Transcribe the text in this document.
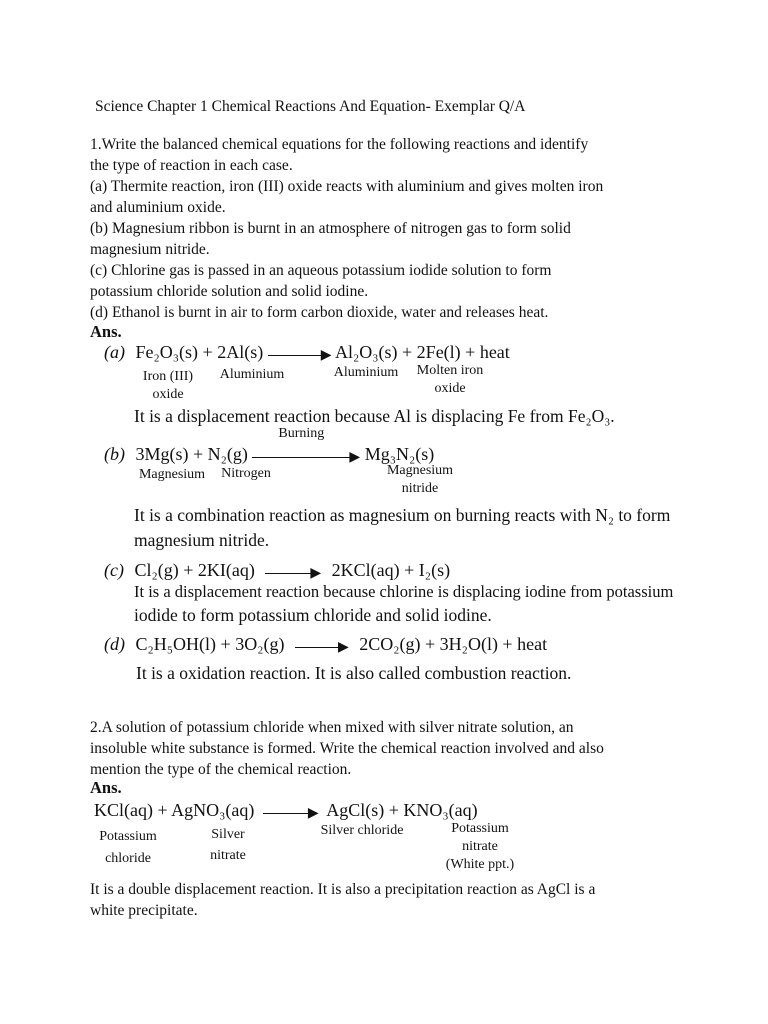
Science Chapter 1 Chemical Reactions And Equation- Exemplar Q/A
1.Write the balanced chemical equations for the following reactions and identify
the type of reaction in each case.
(a) Thermite reaction, iron (III) oxide reacts with aluminium and gives molten iron
and aluminium oxide.
(b) Magnesium ribbon is burnt in an atmosphere of nitrogen gas to form solid
magnesium nitride.
(c) Chlorine gas is passed in an aqueous potassium iodide solution to form
potassium chloride solution and solid iodine.
(d) Ethanol is burnt in air to form carbon dioxide, water and releases heat.
Ans.
(a) Fe₂O₃(s) + 2Al(s)	▶ Al₂O₃(s) + 2Fe(l) + heat
Iron (III)
oxide
Aluminium	Aluminium	Molten iron
oxide
It is a displacement reaction because Al is displacing Fe from Fe₂O₃.
(b) 3Mg(s) + N₂(g)
Burning
▶ Mg₃N₂(s)
Magnesium	Nitrogen	Magnesium
nitride
It is a combination reaction as magnesium on burning reacts with N₂ to form
magnesium nitride.
(c) Cl₂(g) + 2KI(aq)	▶ 2KCl(aq) + I₂(s)
It is a displacement reaction because chlorine is displacing iodine from potassium
iodide to form potassium chloride and solid iodine.
(d) C₂H₅OH(l) + 3O₂(g)	▶ 2CO₂(g) + 3H₂O(l) + heat
It is a oxidation reaction. It is also called combustion reaction.
2.A solution of potassium chloride when mixed with silver nitrate solution, an
insoluble white substance is formed. Write the chemical reaction involved and also
mention the type of the chemical reaction.
Ans.
KCl(aq) + AgNO₃(aq)	▶ AgCl(s) + KNO₃(aq)
Potassium
chloride
Silver
nitrate
Silver chloride	Potassium
nitrate
(White ppt.)
It is a double displacement reaction. It is also a precipitation reaction as AgCl is a
white precipitate.
